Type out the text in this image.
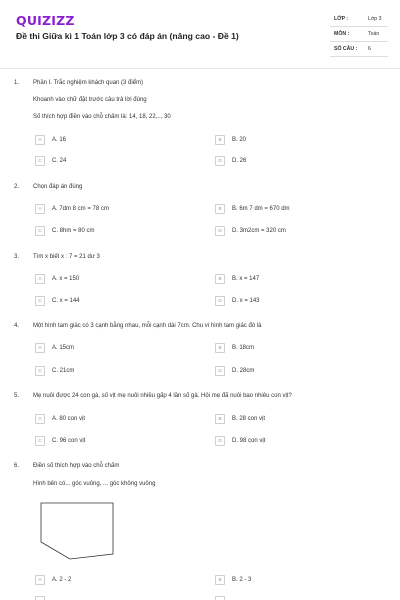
QUIZIZZ
Đề thi Giữa kì 1 Toán lớp 3 có đáp án (nâng cao - Đề 1)
LỚP :	Lớp 3
MÔN :	Toán
SỐ CÂU : 6
1. Phần I. Trắc nghiệm khách quan (3 điểm)
Khoanh vào chữ đặt trước câu trả lời đúng
Số thích hợp điền vào chỗ chấm là: 14, 18, 22,.., 30
A	A. 16	B	B. 20
C	C. 24	D	D. 26
2. Chọn đáp án đúng
A	A. 7dm 8 cm = 78 cm	B	B. 6m 7 dm = 670 dm
C	C. 8hm = 80 cm	D	D. 3m2cm = 320 cm
3. Tìm x biết x : 7 = 21 dư 3
A	A. x = 150	B	B. x = 147
C	C. x = 144	D	D. x = 143
4. Một hình tam giác có 3 cạnh bằng nhau, mỗi cạnh dài 7cm. Chu vi hình tam giác đó là
A	A. 15cm	B	B. 18cm
C	C. 21cm	D	D. 28cm
5. Mẹ nuôi được 24 con gà, số vịt mẹ nuôi nhiều gấp 4 lần số gà. Hỏi mẹ đã nuôi bao nhiêu con vịt?
A	A. 80 con vịt	B	B. 28 con vịt
C	C. 96 con vịt	D	D. 98 con vịt
6. Điền số thích hợp vào chỗ chấm
Hình bên có... góc vuông, ... góc không vuông
A	A. 2 - 2	B	B. 2 - 3
